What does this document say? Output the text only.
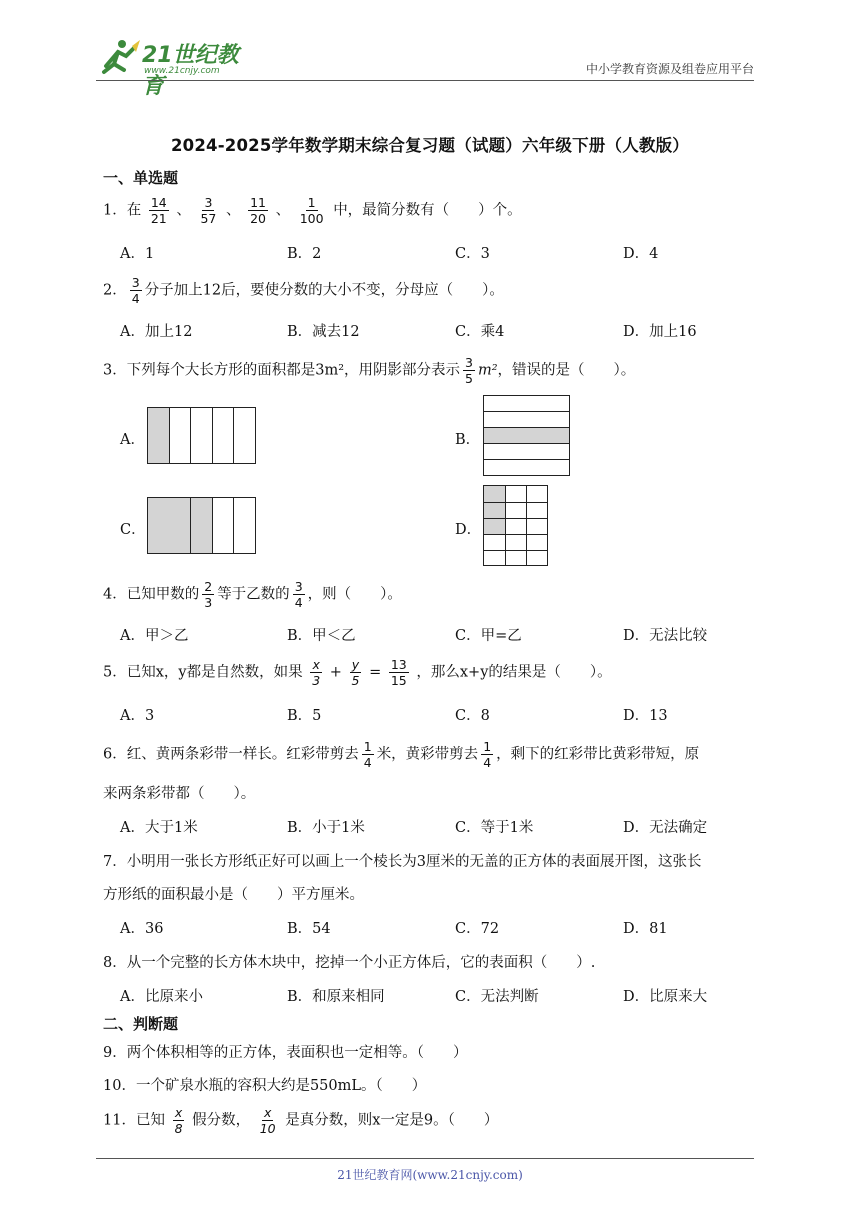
21世纪教育
www.21cnjy.com	中小学教育资源及组卷应用平台
2024-2025学年数学期末综合复习题（试题）六年级下册（人教版）
一、单选题
1．在 $\frac{14}{21}$ 、 $\frac{3}{57}$ 、 $\frac{11}{20}$ 、 $\frac{1}{100}$ 中，最简分数有（　　）个。
A．1	B．2	C．3	D．4
2． $\frac{3}{4}$ 分子加上12后，要使分数的大小不变，分母应（　　）。
A．加上12	B．减去12	C．乘4	D．加上16
3．下列每个大长方形的面积都是3m²，用阴影部分表示 $\frac{3}{5} m^2$，错误的是（　　）。
A．	B．
C．	D．
4．已知甲数的 $\frac{2}{3}$ 等于乙数的 $\frac{3}{4}$ ，则（　　）。
A．甲＞乙	B．甲＜乙	C．甲=乙	D．无法比较
5．已知x，y都是自然数，如果 $\frac{x}{3} + \frac{y}{5} = \frac{13}{15}$ ，那么x+y的结果是（　　）。
A．3	B．5	C．8	D．13
6．红、黄两条彩带一样长。红彩带剪去 $\frac{1}{4}$ 米，黄彩带剪去 $\frac{1}{4}$ ，剩下的红彩带比黄彩带短，原
来两条彩带都（　　）。
A．大于1米	B．小于1米	C．等于1米	D．无法确定
7．小明用一张长方形纸正好可以画上一个棱长为3厘米的无盖的正方体的表面展开图，这张长
方形纸的面积最小是（　　）平方厘米。
A．36	B．54	C．72	D．81
8．从一个完整的长方体木块中，挖掉一个小正方体后，它的表面积（　　）.
A．比原来小	B．和原来相同	C．无法判断	D．比原来大
二、判断题
9．两个体积相等的正方体，表面积也一定相等。（　　）
10．一个矿泉水瓶的容积大约是550mL。（　　）
11．已知 $\frac{x}{8}$ 假分数， $\frac{x}{10}$ 是真分数，则x一定是9。（　　）
21世纪教育网(www.21cnjy.com)
